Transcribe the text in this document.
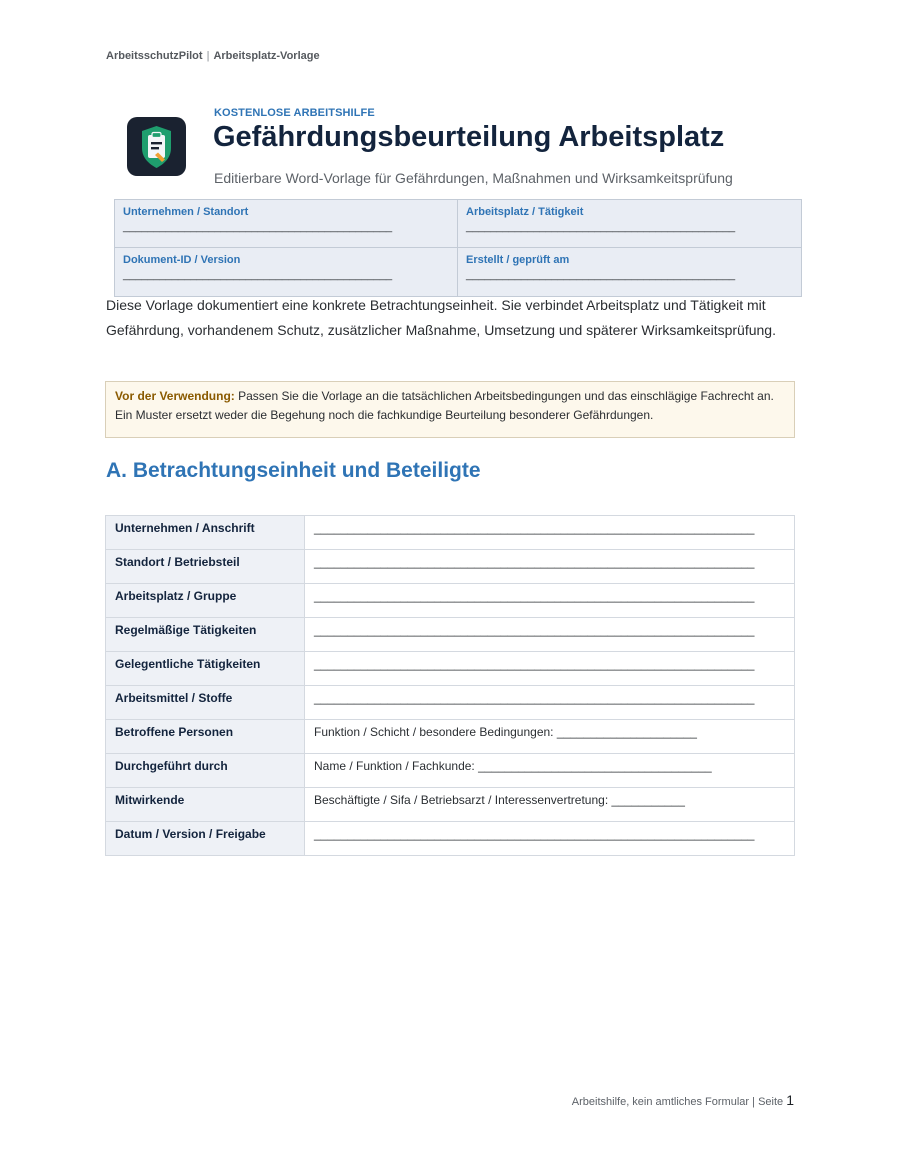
ArbeitsschutzPilot | Arbeitsplatz-Vorlage
KOSTENLOSE ARBEITSHILFE
Gefährdungsbeurteilung Arbeitsplatz
Editierbare Word-Vorlage für Gefährdungen, Maßnahmen und Wirksamkeitsprüfung
Unternehmen / Standort
____________________________________________
Arbeitsplatz / Tätigkeit
____________________________________________
Dokument-ID / Version
____________________________________________
Erstellt / geprüft am
____________________________________________
Diese Vorlage dokumentiert eine konkrete Betrachtungseinheit. Sie verbindet Arbeitsplatz und Tätigkeit mit Gefährdung, vorhandenem Schutz, zusätzlicher Maßnahme, Umsetzung und späterer Wirksamkeitsprüfung.
Vor der Verwendung: Passen Sie die Vorlage an die tatsächlichen Arbeitsbedingungen und das einschlägige Fachrecht an. Ein Muster ersetzt weder die Begehung noch die fachkundige Beurteilung besonderer Gefährdungen.
A. Betrachtungseinheit und Beteiligte
Unternehmen / Anschrift	__________________________________________________________________
Standort / Betriebsteil	__________________________________________________________________
Arbeitsplatz / Gruppe	__________________________________________________________________
Regelmäßige Tätigkeiten	__________________________________________________________________
Gelegentliche Tätigkeiten	__________________________________________________________________
Arbeitsmittel / Stoffe	__________________________________________________________________
Betroffene Personen	Funktion / Schicht / besondere Bedingungen: _____________________
Durchgeführt durch	Name / Funktion / Fachkunde: ___________________________________
Mitwirkende	Beschäftigte / Sifa / Betriebsarzt / Interessenvertretung: ___________
Datum / Version / Freigabe	__________________________________________________________________
Arbeitshilfe, kein amtliches Formular | Seite 1
